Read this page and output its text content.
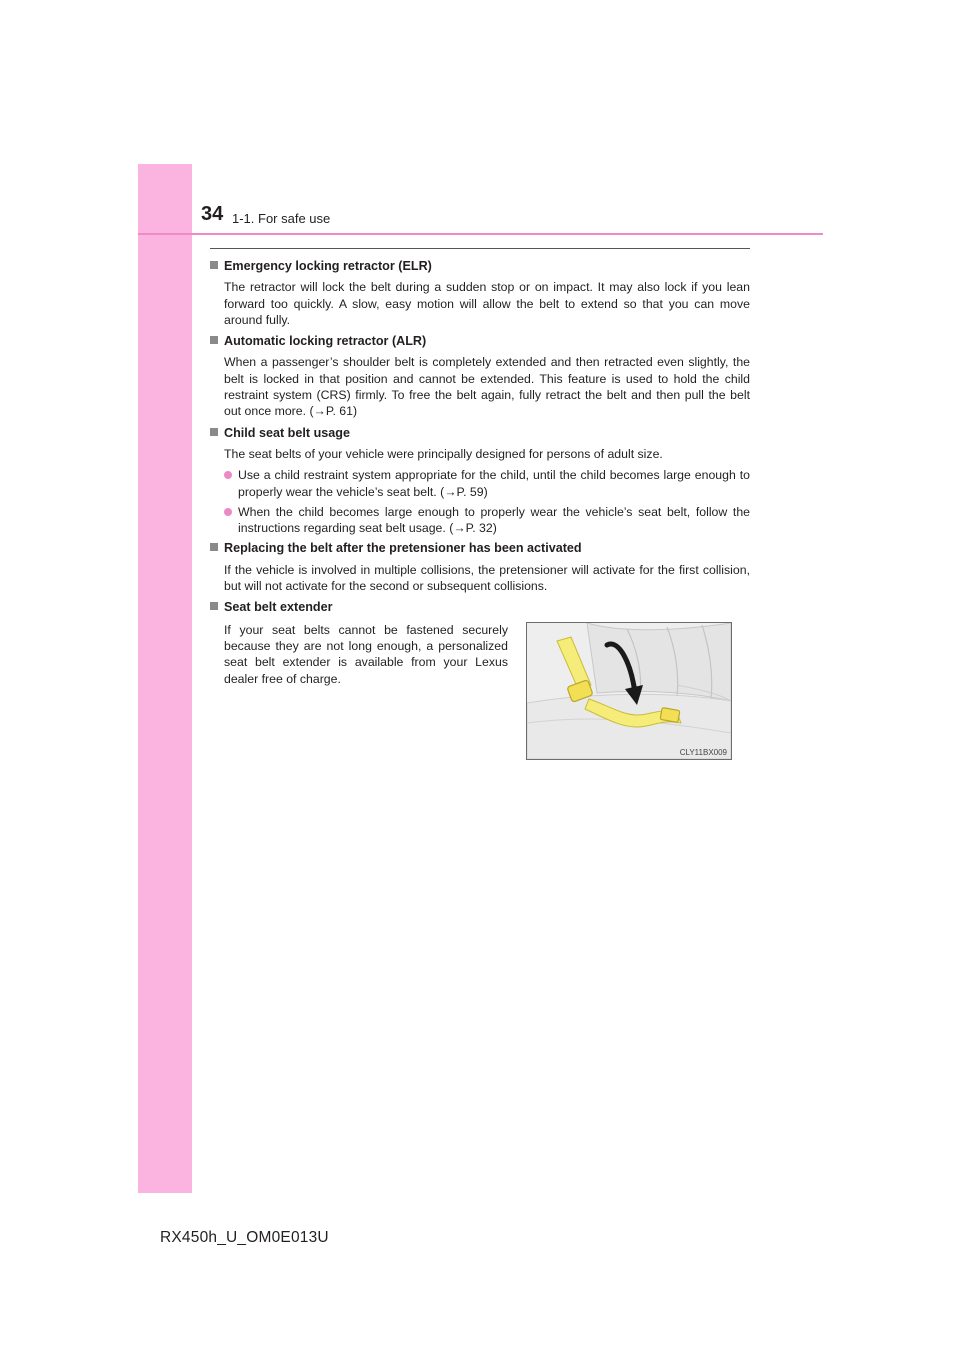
34 1-1. For safe use
Emergency locking retractor (ELR)
The retractor will lock the belt during a sudden stop or on impact. It may also lock if you lean forward too quickly. A slow, easy motion will allow the belt to extend so that you can move around fully.
Automatic locking retractor (ALR)
When a passenger’s shoulder belt is completely extended and then retracted even slightly, the belt is locked in that position and cannot be extended. This feature is used to hold the child restraint system (CRS) firmly. To free the belt again, fully retract the belt and then pull the belt out once more. (→P. 61)
Child seat belt usage
The seat belts of your vehicle were principally designed for persons of adult size.
Use a child restraint system appropriate for the child, until the child becomes large enough to properly wear the vehicle’s seat belt. (→P. 59)
When the child becomes large enough to properly wear the vehicle’s seat belt, follow the instructions regarding seat belt usage. (→P. 32)
Replacing the belt after the pretensioner has been activated
If the vehicle is involved in multiple collisions, the pretensioner will activate for the first collision, but will not activate for the second or subsequent collisions.
Seat belt extender
If your seat belts cannot be fastened securely because they are not long enough, a personalized seat belt extender is available from your Lexus dealer free of charge.
CLY11BX009
RX450h_U_OM0E013U
